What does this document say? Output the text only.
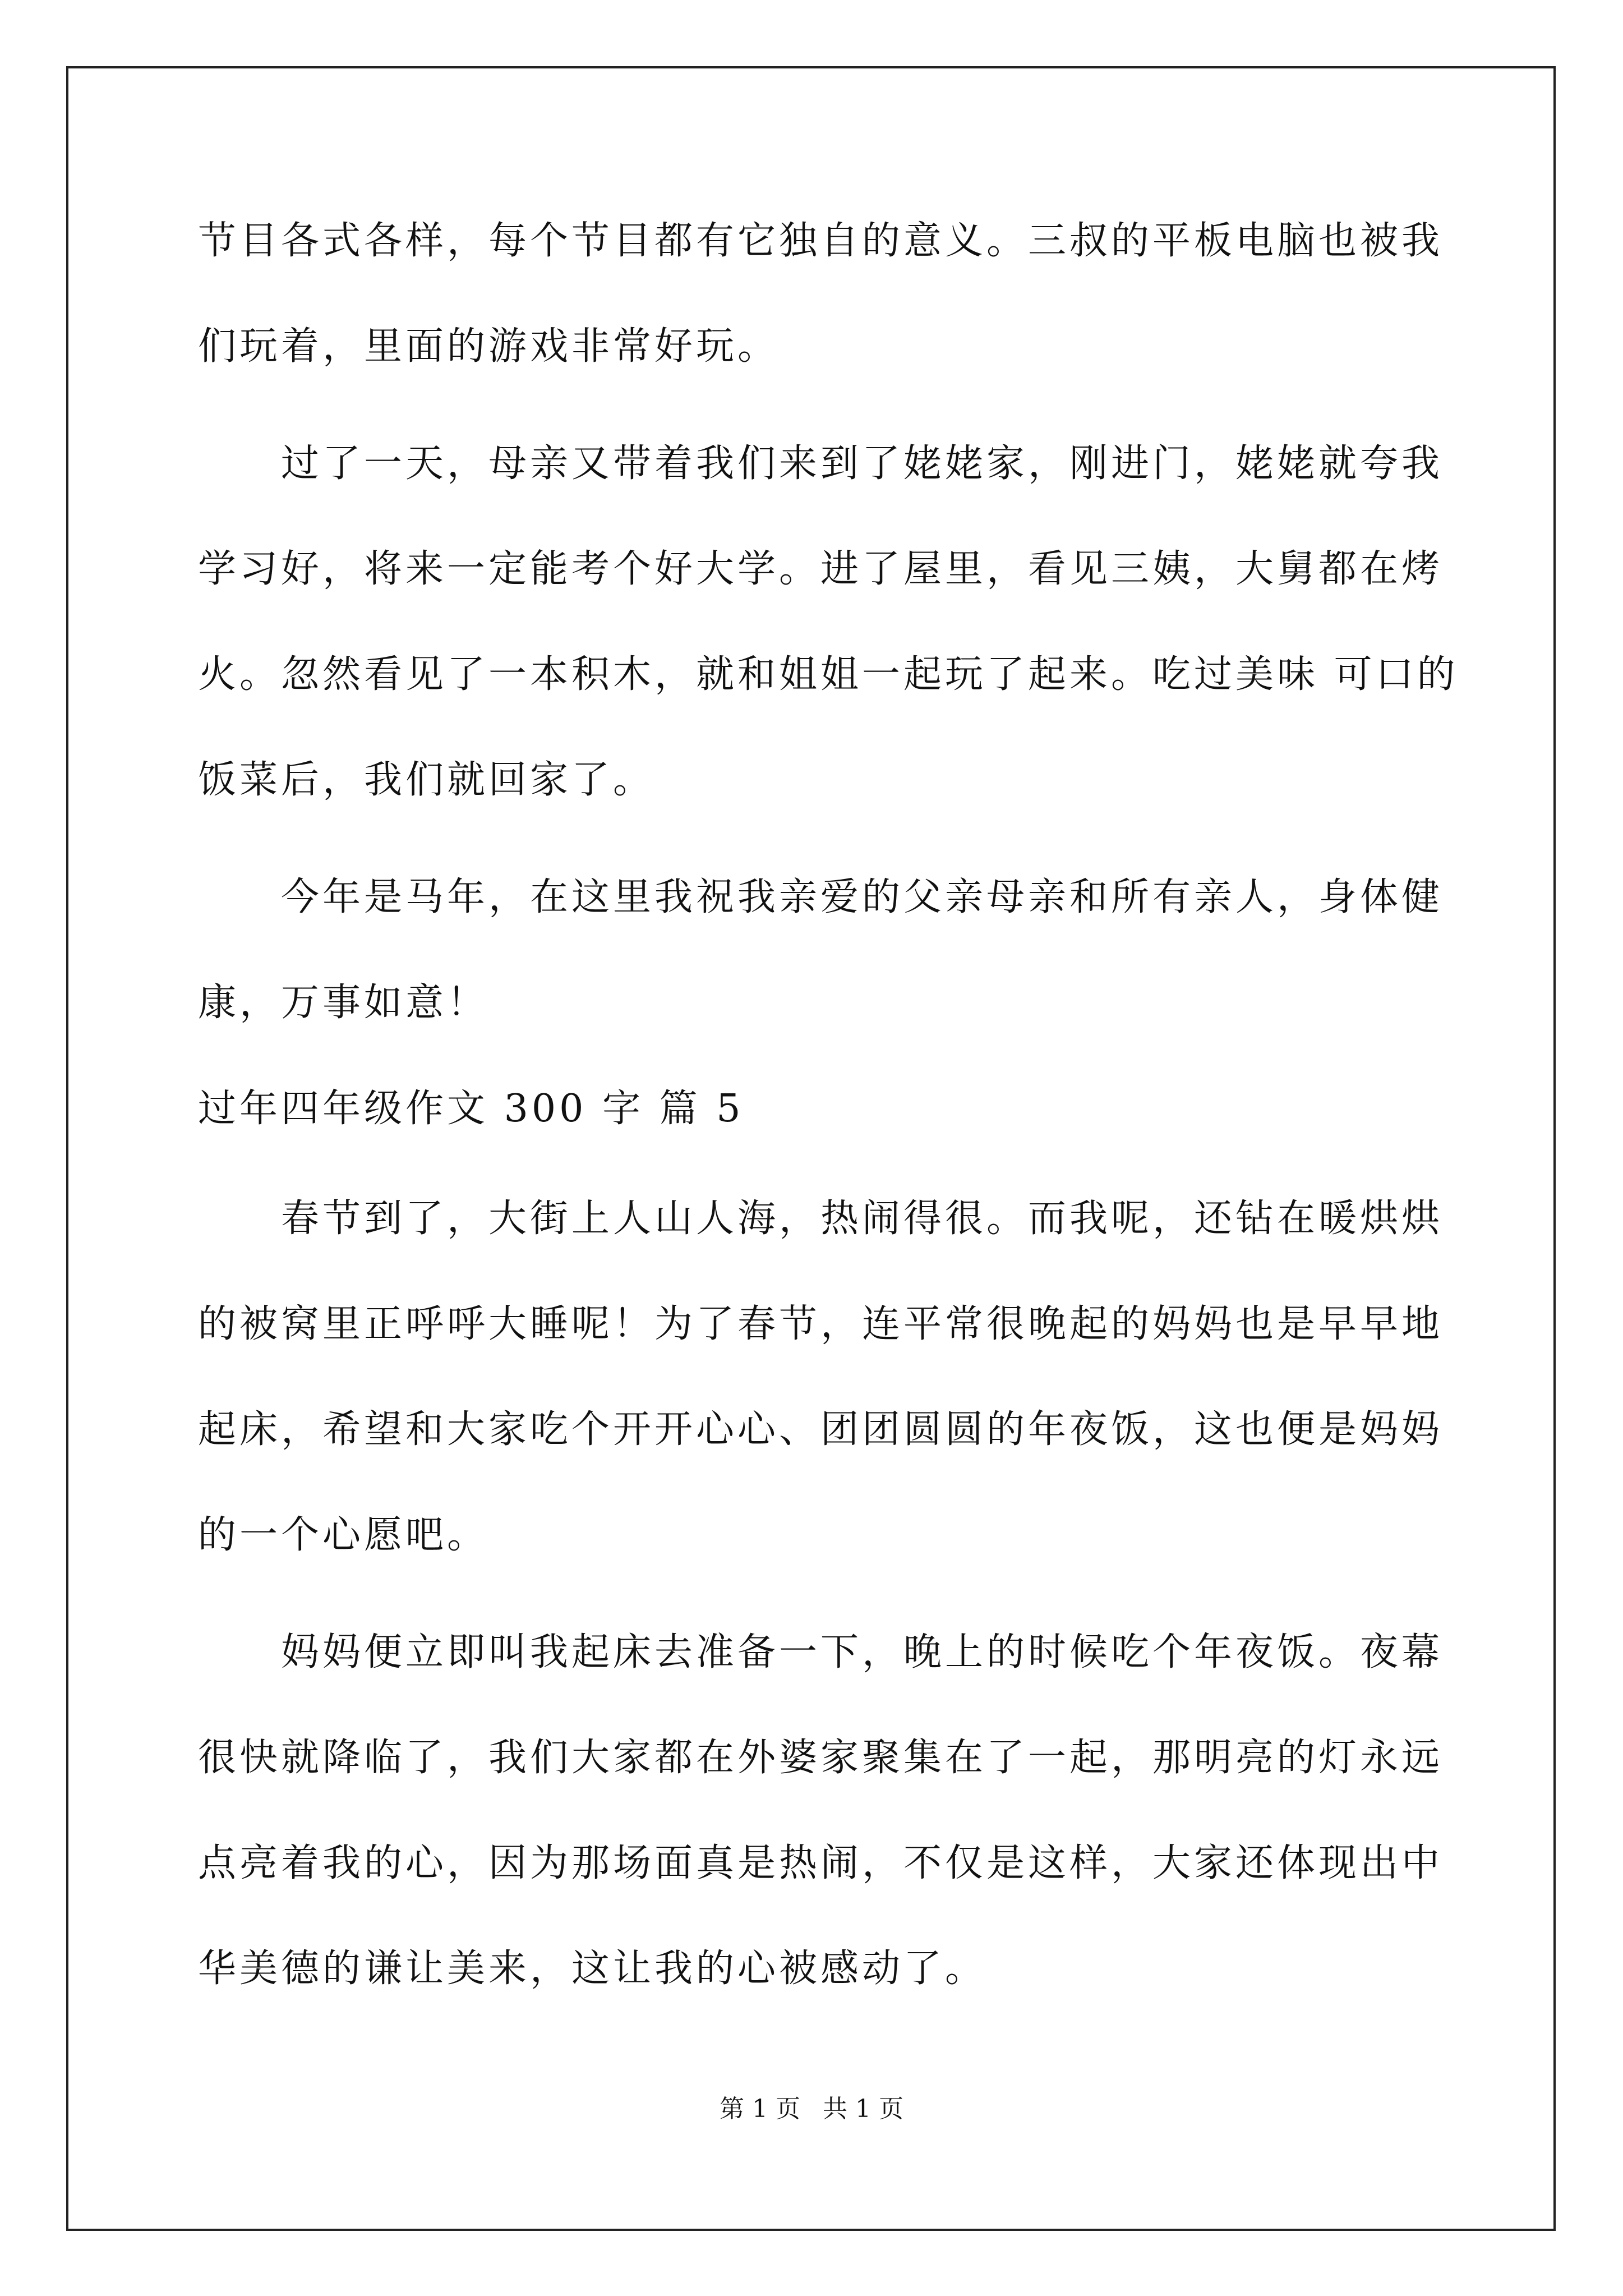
节目各式各样，每个节目都有它独自的意义。三叔的平板电脑也被我
们玩着，里面的游戏非常好玩。
过了一天，母亲又带着我们来到了姥姥家，刚进门，姥姥就夸我
学习好，将来一定能考个好大学。进了屋里，看见三姨，大舅都在烤
火。忽然看见了一本积木，就和姐姐一起玩了起来。吃过美味 可口的
饭菜后，我们就回家了。
今年是马年，在这里我祝我亲爱的父亲母亲和所有亲人，身体健
康，万事如意！
过年四年级作文 300 字 篇 5
春节到了，大街上人山人海，热闹得很。而我呢，还钻在暖烘烘
的被窝里正呼呼大睡呢！为了春节，连平常很晚起的妈妈也是早早地
起床，希望和大家吃个开开心心、团团圆圆的年夜饭，这也便是妈妈
的一个心愿吧。
妈妈便立即叫我起床去准备一下，晚上的时候吃个年夜饭。夜幕
很快就降临了，我们大家都在外婆家聚集在了一起，那明亮的灯永远
点亮着我的心，因为那场面真是热闹，不仅是这样，大家还体现出中
华美德的谦让美来，这让我的心被感动了。
第 1 页 共 1 页
